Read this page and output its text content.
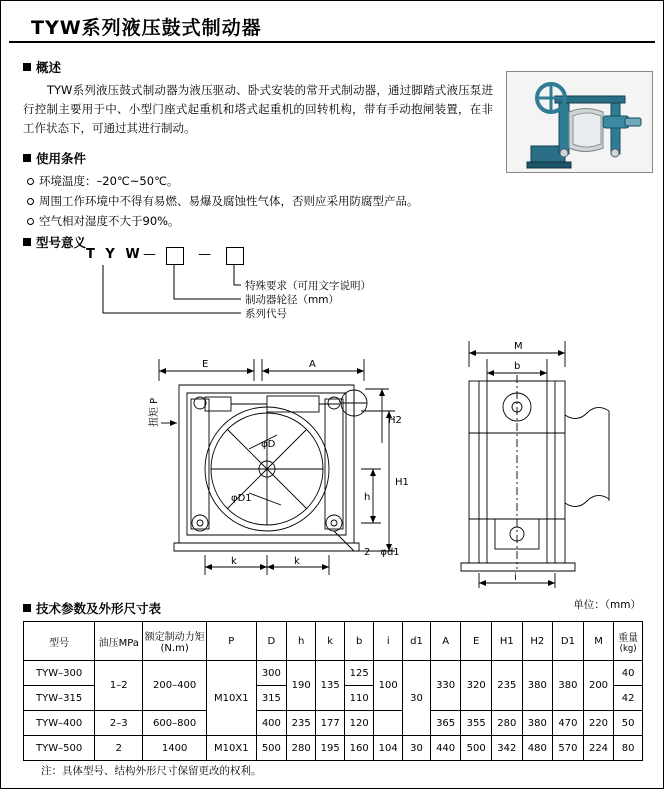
TYW系列液压鼓式制动器
概述
TYW系列液压鼓式制动器为液压驱动、卧式安装的常开式制动器，通过脚踏式液压泵进行控制主要用于中、小型门座式起重机和塔式起重机的回转机构，带有手动抱闸装置，在非工作状态下，可通过其进行制动。
使用条件
环境温度：–20℃~50℃。
周围工作环境中不得有易燃、易爆及腐蚀性气体，否则应采用防腐型产品。
空气相对湿度不大于90%。
型号意义
T Y W —	—
特殊要求（可用文字说明）
制动器轮径（mm）
系列代号
E	A
M
b
k	k
i
h
H1
H2
2－φd1
φD
φD1
扭矩 P
技术参数及外形尺寸表	单位：（mm）
型号	油压MPa	额定制动力矩
(N.m)
	P	D	h	k	b	i	d1	A	E	H1	H2	D1	M	重量
(kg)

TYW–300	1–2	200–400	M10X1	300	190	135	125	100	30	330	320	235	380	380	200	40
TYW–315				315			110									42
TYW–400	2–3	600–800		400	235	177	120			365	355	280	380	470	220	50
TYW–500	2	1400	M10X1	500	280	195	160	104	30	440	500	342	480	570	224	80
注：具体型号、结构外形尺寸保留更改的权利。
